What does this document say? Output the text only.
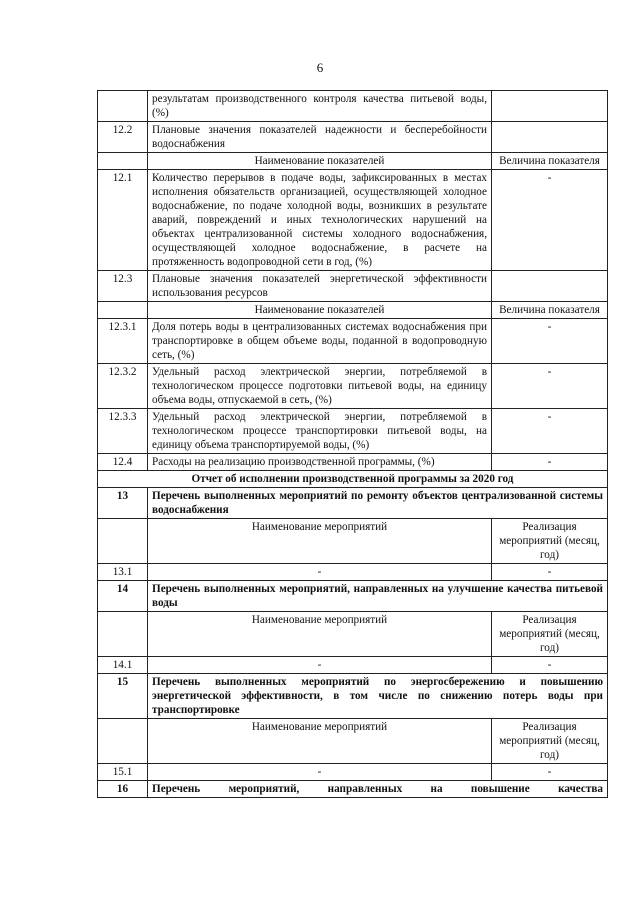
6
	результатам производственного контроля качества питьевой воды, (%)	
12.2	Плановые значения показателей надежности и бесперебойности водоснабжения	
	Наименование показателей	Величина показателя
12.1	Количество перерывов в подаче воды, зафиксированных в местах исполнения обязательств организацией, осуществляющей холодное водоснабжение, по подаче холодной воды, возникших в результате аварий, повреждений и иных технологических нарушений на объектах централизованной системы холодного водоснабжения, осуществляющей холодное водоснабжение, в расчете на протяженность водопроводной сети в год, (%)	-
12.3	Плановые значения показателей энергетической эффективности использования ресурсов	
	Наименование показателей	Величина показателя
12.3.1	Доля потерь воды в централизованных системах водоснабжения при транспортировке в общем объеме воды, поданной в водопроводную сеть, (%)	-
12.3.2	Удельный расход электрической энергии, потребляемой в технологическом процессе подготовки питьевой воды, на единицу объема воды, отпускаемой в сеть, (%)	-
12.3.3	Удельный расход электрической энергии, потребляемой в технологическом процессе транспортировки питьевой воды, на единицу объема транспортируемой воды, (%)	-
12.4	Расходы на реализацию производственной программы, (%)	-
Отчет об исполнении производственной программы за 2020 год		
13	Перечень выполненных мероприятий по ремонту объектов централизованной системы водоснабжения	
	Наименование мероприятий	Реализация мероприятий (месяц, год)
13.1	-	-
14	Перечень выполненных мероприятий, направленных на улучшение качества питьевой воды	
	Наименование мероприятий	Реализация мероприятий (месяц, год)
14.1	-	-
15	Перечень выполненных мероприятий по энергосбережению и повышению энергетической эффективности, в том числе по снижению потерь воды при транспортировке	
	Наименование мероприятий	Реализация мероприятий (месяц, год)
15.1	-	-
16	Перечень мероприятий, направленных на повышение качества	
